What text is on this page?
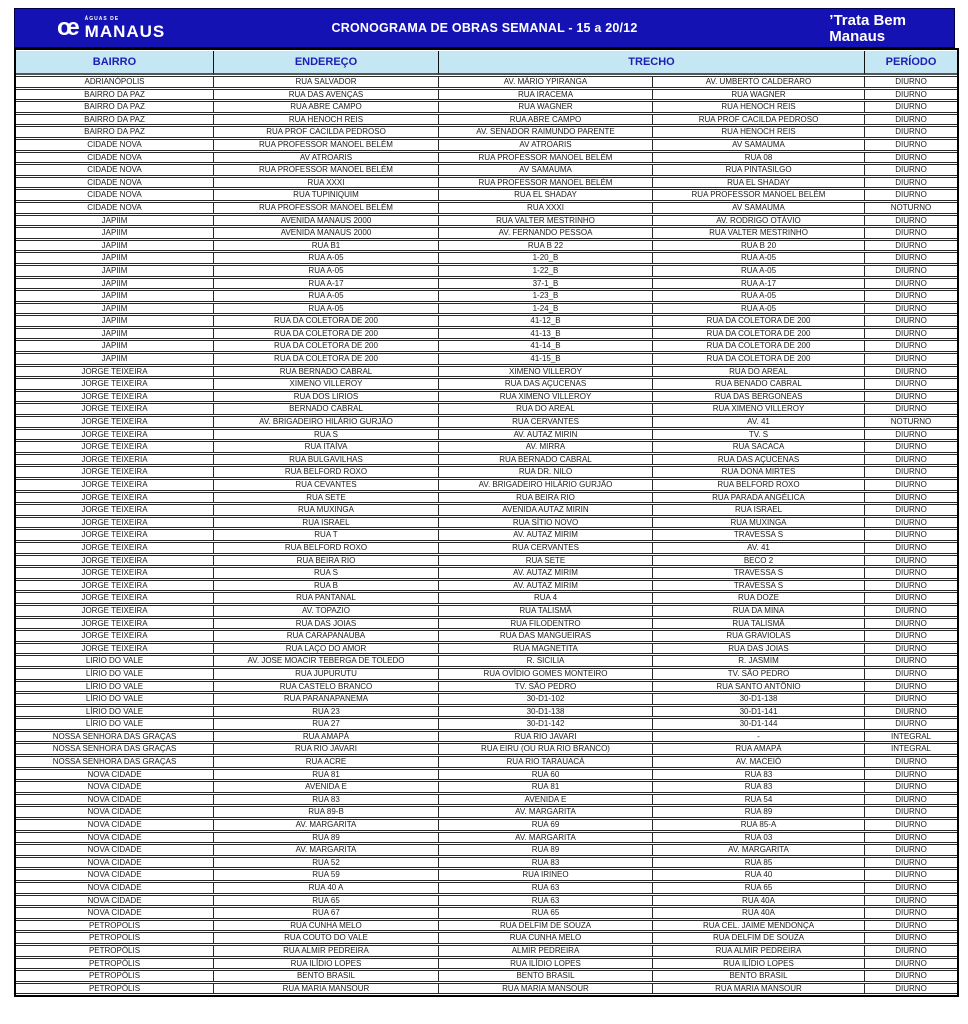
œ ÁGUAS DE
MANAUS	CRONOGRAMA DE OBRAS SEMANAL - 15 a 20/12	’Trata Bem
Manaus
BAIRRO	ENDEREÇO	TRECHO		PERÍODO
ADRIANÓPOLIS	RUA SALVADOR	AV. MÁRIO YPIRANGA	AV. UMBERTO CALDERARO	DIURNO
BAIRRO DA PAZ	RUA DAS AVENÇAS	RUA IRACEMA	RUA WAGNER	DIURNO
BAIRRO DA PAZ	RUA ABRE CAMPO	RUA WAGNER	RUA HENOCH REIS	DIURNO
BAIRRO DA PAZ	RUA HENOCH REIS	RUA ABRE CAMPO	RUA PROF CACILDA PEDROSO	DIURNO
BAIRRO DA PAZ	RUA PROF CACILDA PEDROSO	AV. SENADOR RAIMUNDO PARENTE	RUA HENOCH REIS	DIURNO
CIDADE NOVA	RUA PROFESSOR MANOEL BELÉM	AV ATROARIS	AV SAMAUMA	DIURNO
CIDADE NOVA	AV ATROARIS	RUA PROFESSOR MANOEL BELÉM	RUA 08	DIURNO
CIDADE NOVA	RUA PROFESSOR MANOEL BELÉM	AV SAMAUMA	RUA PINTASILGO	DIURNO
CIDADE NOVA	RUA XXXI	RUA PROFESSOR MANOEL BELÉM	RUA EL SHADAY	DIURNO
CIDADE NOVA	RUA TUPINIQUIM	RUA EL SHADAY	RUA PROFESSOR MANOEL BELÉM	DIURNO
CIDADE NOVA	RUA PROFESSOR MANOEL BELÉM	RUA XXXI	AV SAMAUMA	NOTURNO
JAPIIM	AVENIDA MANAUS 2000	RUA VALTER MESTRINHO	AV. RODRIGO OTÁVIO	DIURNO
JAPIIM	AVENIDA MANAUS 2000	AV. FERNANDO PESSOA	RUA VALTER MESTRINHO	DIURNO
JAPIIM	RUA B1	RUA B 22	RUA B 20	DIURNO
JAPIIM	RUA A-05	1-20_B	RUA A-05	DIURNO
JAPIIM	RUA A-05	1-22_B	RUA A-05	DIURNO
JAPIIM	RUA A-17	37-1_B	RUA A-17	DIURNO
JAPIIM	RUA A-05	1-23_B	RUA A-05	DIURNO
JAPIIM	RUA A-05	1-24_B	RUA A-05	DIURNO
JAPIIM	RUA DA COLETORA DE 200	41-12_B	RUA DA COLETORA DE 200	DIURNO
JAPIIM	RUA DA COLETORA DE 200	41-13_B	RUA DA COLETORA DE 200	DIURNO
JAPIIM	RUA DA COLETORA DE 200	41-14_B	RUA DA COLETORA DE 200	DIURNO
JAPIIM	RUA DA COLETORA DE 200	41-15_B	RUA DA COLETORA DE 200	DIURNO
JORGE TEIXEIRA	RUA BERNADO CABRAL	XIMENO VILLEROY	RUA DO AREAL	DIURNO
JORGE TEIXEIRA	XIMENO VILLEROY	RUA DAS AÇUCENAS	RUA BENADO CABRAL	DIURNO
JORGE TEIXEIRA	RUA DOS LIRIOS	RUA XIMENO VILLEROY	RUA DAS BERGONEAS	DIURNO
JORGE TEIXEIRA	BERNADO CABRAL	RUA DO AREAL	RUA XIMENO VILLEROY	DIURNO
JORGE TEIXEIRA	AV. BRIGADEIRO HILÁRIO GURJÃO	RUA CERVANTES	AV. 41	NOTURNO
JORGE TEIXEIRA	RUA S	AV. AUTAZ MIRIN	TV. S	DIURNO
JORGE TEIXEIRA	RUA ITAÍVA	AV. MIRRA	RUA SACACA	DIURNO
JORGE TEIXERIA	RUA BULGAVILHAS	RUA BERNADO CABRAL	RUA DAS AÇUCENAS	DIURNO
JORGE TEIXEIRA	RUA BELFORD ROXO	RUA DR. NILO	RUA DONA MIRTES	DIURNO
JORGE TEIXEIRA	RUA CEVANTES	AV. BRIGADEIRO HILÁRIO GURJÃO	RUA BELFORD ROXO	DIURNO
JORGE TEIXEIRA	RUA SETE	RUA BEIRA RIO	RUA PARADA ANGÉLICA	DIURNO
JORGE TEIXEIRA	RUA MUXINGA	AVENIDA AUTAZ MIRIN	RUA ISRAEL	DIURNO
JORGE TEIXEIRA	RUA ISRAEL	RUA SÍTIO NOVO	RUA MUXINGA	DIURNO
JORGE TEIXEIRA	RUA T	AV. AUTAZ MIRIM	TRAVESSA S	DIURNO
JORGE TEIXEIRA	RUA BELFORD ROXO	RUA CERVANTES	AV. 41	DIURNO
JORGE TEIXEIRA	RUA BEIRA RIO	RUA SETE	BECO 2	DIURNO
JORGE TEIXEIRA	RUA S	AV. AUTAZ MIRIM	TRAVESSA S	DIURNO
JORGE TEIXEIRA	RUA B	AV. AUTAZ MIRIM	TRAVESSA S	DIURNO
JORGE TEIXEIRA	RUA PANTANAL	RUA 4	RUA DOZE	DIURNO
JORGE TEIXEIRA	AV. TOPAZIO	RUA TALISMÃ	RUA DA MINA	DIURNO
JORGE TEIXEIRA	RUA DAS JOIAS	RUA FILODENTRO	RUA TALISMÃ	DIURNO
JORGE TEIXEIRA	RUA CARAPANAUBA	RUA DAS MANGUEIRAS	RUA GRAVIOLAS	DIURNO
JORGE TEIXEIRA	RUA LAÇO DO AMOR	RUA MAGNETITA	RUA DAS JOIAS	DIURNO
LIRIO DO VALE	AV. JOSE MOACIR TEBERGA DE TOLEDO	R. SICILIA	R. JASMIM	DIURNO
LÍRIO DO VALE	RUA JUPURUTU	RUA OVÍDIO GOMES MONTEIRO	TV. SÃO PEDRO	DIURNO
LÍRIO DO VALE	RUA CASTELO BRANCO	TV. SÃO PEDRO	RUA SANTO ANTÔNIO	DIURNO
LÍRIO DO VALE	RUA PARANAPANEMA	30-D1-102	30-D1-138	DIURNO
LÍRIO DO VALE	RUA 23	30-D1-138	30-D1-141	DIURNO
LÍRIO DO VALE	RUA 27	30-D1-142	30-D1-144	DIURNO
NOSSA SENHORA DAS GRAÇAS	RUA AMAPÁ	RUA RIO JAVARI	-	INTEGRAL
NOSSA SENHORA DAS GRAÇAS	RUA RIO JAVARI	RUA EIRU (OU RUA RIO BRANCO)	RUA AMAPÁ	INTEGRAL
NOSSA SENHORA DAS GRAÇAS	RUA ACRE	RUA RIO TARAUACÁ	AV. MACEIÓ	DIURNO
NOVA CIDADE	RUA 81	RUA 60	RUA 83	DIURNO
NOVA CIDADE	AVENIDA E	RUA 81	RUA 83	DIURNO
NOVA CIDADE	RUA 83	AVENIDA E	RUA 54	DIURNO
NOVA CIDADE	RUA 89-B	AV. MARGARITA	RUA 89	DIURNO
NOVA CIDADE	AV. MARGARITA	RUA 69	RUA 85-A	DIURNO
NOVA CIDADE	RUA 89	AV. MARGARITA	RUA 03	DIURNO
NOVA CIDADE	AV. MARGARITA	RUA 89	AV. MARGARITA	DIURNO
NOVA CIDADE	RUA 52	RUA 83	RUA 85	DIURNO
NOVA CIDADE	RUA 59	RUA IRINEO	RUA 40	DIURNO
NOVA CIDADE	RUA 40 A	RUA 63	RUA 65	DIURNO
NOVA CIDADE	RUA 65	RUA 63	RUA 40A	DIURNO
NOVA CIDADE	RUA 67	RUA 65	RUA 40A	DIURNO
PETROPOLIS	RUA CUNHA MELO	RUA DELFIM DE SOUZA	RUA CEL. JAIME MENDONÇA	DIURNO
PETROPOLIS	RUA COUTO DO VALE	RUA CUNHA MELO	RUA DELFIM DE SOUZA	DIURNO
PETROPÓLIS	RUA ALMIR PEDREIRA	ALMIR PEDREIRA	RUA ALMIR PEDREIRA	DIURNO
PETROPÓLIS	RUA ILÍDIO LOPES	RUA ILÍDIO LOPES	RUA ILÍDIO LOPES	DIURNO
PETROPÓLIS	BENTO BRASIL	BENTO BRASIL	BENTO BRASIL	DIURNO
PETROPÓLIS	RUA MARIA MANSOUR	RUA MARIA MANSOUR	RUA MARIA MANSOUR	DIURNO
